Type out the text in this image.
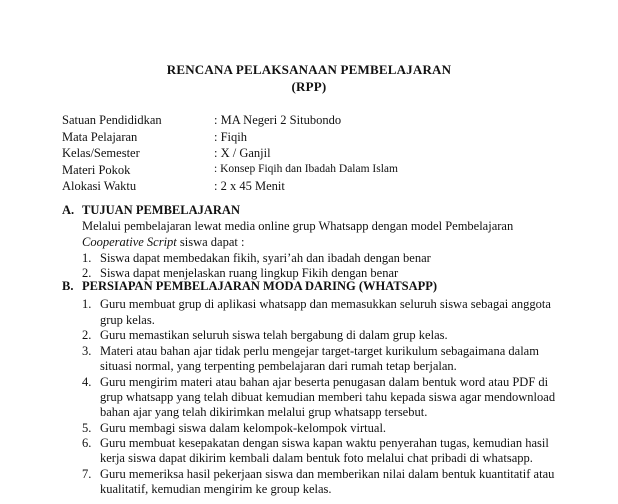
RENCANA PELAKSANAAN PEMBELAJARAN
(RPP)
Satuan Pendididkan	: MA Negeri 2 Situbondo
Mata Pelajaran	: Fiqih
Kelas/Semester	: X / Ganjil
Materi Pokok	: Konsep Fiqih dan Ibadah Dalam Islam
Alokasi Waktu	: 2 x 45 Menit
A. TUJUAN PEMBELAJARAN
Melalui pembelajaran lewat media online grup Whatsapp dengan model Pembelajaran
Cooperative Script siswa dapat :
1. Siswa dapat membedakan fikih, syari’ah dan ibadah dengan benar
2. Siswa dapat menjelaskan ruang lingkup Fikih dengan benar
B. PERSIAPAN PEMBELAJARAN MODA DARING (WHATSAPP)
1. Guru membuat grup di aplikasi whatsapp dan memasukkan seluruh siswa sebagai anggota
grup kelas.
2. Guru memastikan seluruh siswa telah bergabung di dalam grup kelas.
3. Materi atau bahan ajar tidak perlu mengejar target-target kurikulum sebagaimana dalam
situasi normal, yang terpenting pembelajaran dari rumah tetap berjalan.
4. Guru mengirim materi atau bahan ajar beserta penugasan dalam bentuk word atau PDF di
grup whatsapp yang telah dibuat kemudian memberi tahu kepada siswa agar mendownload
bahan ajar yang telah dikirimkan melalui grup whatsapp tersebut.
5. Guru membagi siswa dalam kelompok-kelompok virtual.
6. Guru membuat kesepakatan dengan siswa kapan waktu penyerahan tugas, kemudian hasil
kerja siswa dapat dikirim kembali dalam bentuk foto melalui chat pribadi di whatsapp.
7. Guru memeriksa hasil pekerjaan siswa dan memberikan nilai dalam bentuk kuantitatif atau
kualitatif, kemudian mengirim ke group kelas.
